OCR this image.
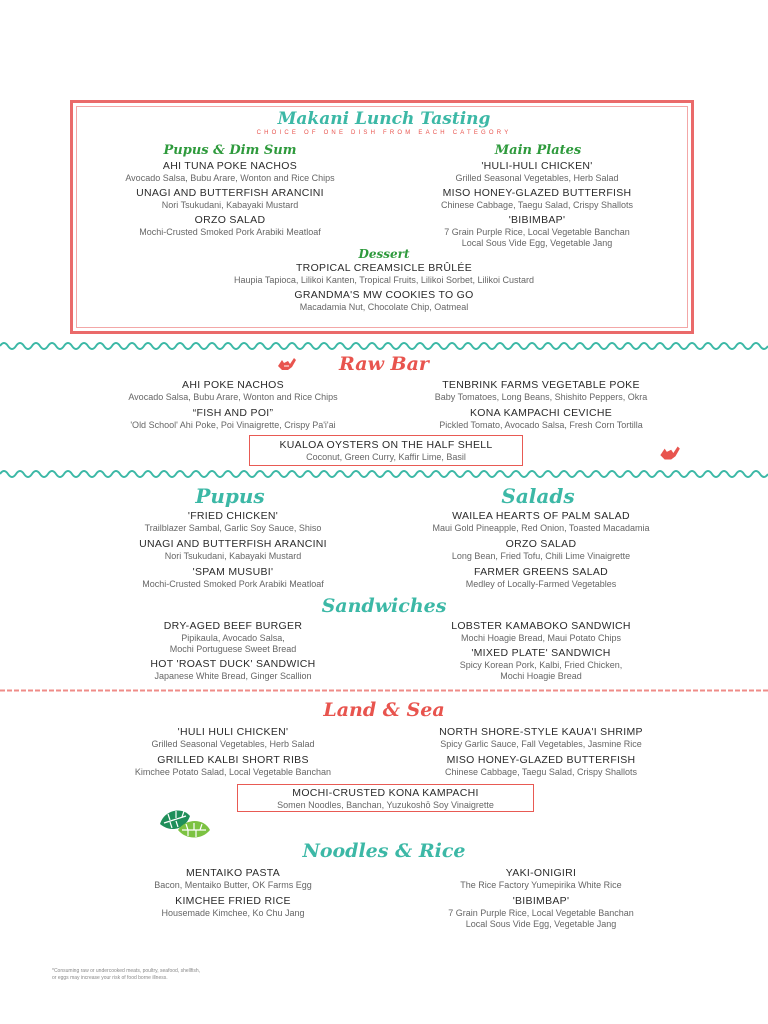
Makani Lunch Tasting
CHOICE OF ONE DISH FROM EACH CATEGORY
Pupus & Dim Sum	Main Plates
AHI TUNA POKE NACHOS
Avocado Salsa, Bubu Arare, Wonton and Rice Chips
UNAGI AND BUTTERFISH ARANCINI
Nori Tsukudani, Kabayaki Mustard
ORZO SALAD
Mochi-Crusted Smoked Pork Arabiki Meatloaf
'HULI-HULI CHICKEN'
Grilled Seasonal Vegetables, Herb Salad
MISO HONEY-GLAZED BUTTERFISH
Chinese Cabbage, Taegu Salad, Crispy Shallots
'BIBIMBAP'
7 Grain Purple Rice, Local Vegetable Banchan
Local Sous Vide Egg, Vegetable Jang
Dessert
TROPICAL CREAMSICLE BRÛLÉE
Haupia Tapioca, Lilikoi Kanten, Tropical Fruits, Lilikoi Sorbet, Lilikoi Custard
GRANDMA'S MW COOKIES TO GO
Macadamia Nut, Chocolate Chip, Oatmeal
Raw Bar
AHI POKE NACHOS
Avocado Salsa, Bubu Arare, Wonton and Rice Chips
“FISH AND POI”
'Old School' Ahi Poke, Poi Vinaigrette, Crispy Pa'i'ai
TENBRINK FARMS VEGETABLE POKE
Baby Tomatoes, Long Beans, Shishito Peppers, Okra
KONA KAMPACHI CEVICHE
Pickled Tomato, Avocado Salsa, Fresh Corn Tortilla
KUALOA OYSTERS ON THE HALF SHELL
Coconut, Green Curry, Kaffir Lime, Basil
Pupus	Salads
'FRIED CHICKEN'
Trailblazer Sambal, Garlic Soy Sauce, Shiso
UNAGI AND BUTTERFISH ARANCINI
Nori Tsukudani, Kabayaki Mustard
'SPAM MUSUBI'
Mochi-Crusted Smoked Pork Arabiki Meatloaf
WAILEA HEARTS OF PALM SALAD
Maui Gold Pineapple, Red Onion, Toasted Macadamia
ORZO SALAD
Long Bean, Fried Tofu, Chili Lime Vinaigrette
FARMER GREENS SALAD
Medley of Locally-Farmed Vegetables
Sandwiches
DRY-AGED BEEF BURGER
Pipikaula, Avocado Salsa,
Mochi Portuguese Sweet Bread
HOT 'ROAST DUCK' SANDWICH
Japanese White Bread, Ginger Scallion
LOBSTER KAMABOKO SANDWICH
Mochi Hoagie Bread, Maui Potato Chips
'MIXED PLATE' SANDWICH
Spicy Korean Pork, Kalbi, Fried Chicken,
Mochi Hoagie Bread
Land & Sea
'HULI HULI CHICKEN'
Grilled Seasonal Vegetables, Herb Salad
GRILLED KALBI SHORT RIBS
Kimchee Potato Salad, Local Vegetable Banchan
NORTH SHORE-STYLE KAUA'I SHRIMP
Spicy Garlic Sauce, Fall Vegetables, Jasmine Rice
MISO HONEY-GLAZED BUTTERFISH
Chinese Cabbage, Taegu Salad, Crispy Shallots
MOCHI-CRUSTED KONA KAMPACHI
Somen Noodles, Banchan, Yuzukoshō Soy Vinaigrette
Noodles & Rice
MENTAIKO PASTA
Bacon, Mentaiko Butter, OK Farms Egg
KIMCHEE FRIED RICE
Housemade Kimchee, Ko Chu Jang
YAKI-ONIGIRI
The Rice Factory Yumepirika White Rice
'BIBIMBAP'
7 Grain Purple Rice, Local Vegetable Banchan
Local Sous Vide Egg, Vegetable Jang
*Consuming raw or undercooked meats, poultry, seafood, shellfish,
or eggs may increase your risk of food borne illness.
